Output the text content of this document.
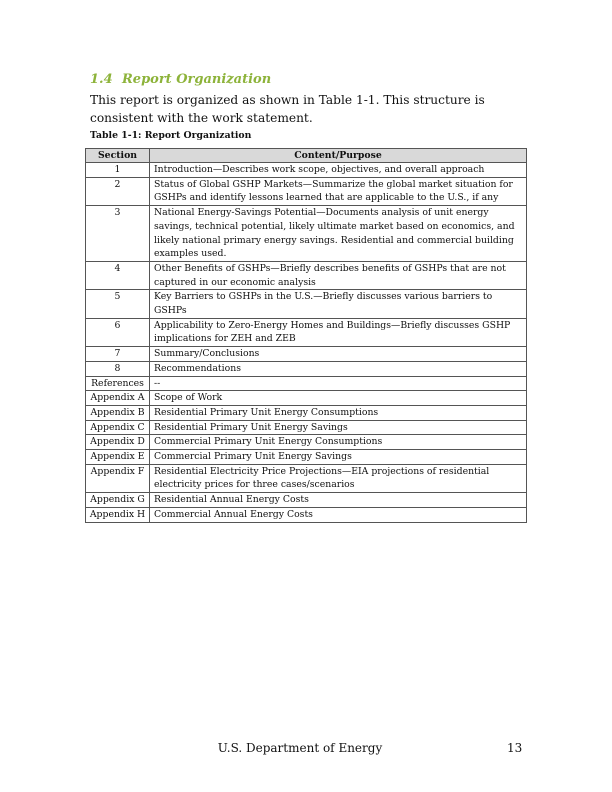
1.4 Report Organization
This report is organized as shown in Table 1-1. This structure is consistent with the work statement.
Table 1-1: Report Organization
Section	Content/Purpose
1	Introduction—Describes work scope, objectives, and overall approach
2	Status of Global GSHP Markets—Summarize the global market situation for GSHPs and identify lessons learned that are applicable to the U.S., if any
3	National Energy-Savings Potential—Documents analysis of unit energy savings, technical potential, likely ultimate market based on economics, and likely national primary energy savings. Residential and commercial building examples used.
4	Other Benefits of GSHPs—Briefly describes benefits of GSHPs that are not captured in our economic analysis
5	Key Barriers to GSHPs in the U.S.—Briefly discusses various barriers to GSHPs
6	Applicability to Zero-Energy Homes and Buildings—Briefly discusses GSHP implications for ZEH and ZEB
7	Summary/Conclusions
8	Recommendations
References	--
Appendix A	Scope of Work
Appendix B	Residential Primary Unit Energy Consumptions
Appendix C	Residential Primary Unit Energy Savings
Appendix D	Commercial Primary Unit Energy Consumptions
Appendix E	Commercial Primary Unit Energy Savings
Appendix F	Residential Electricity Price Projections—EIA projections of residential electricity prices for three cases/scenarios
Appendix G	Residential Annual Energy Costs
Appendix H	Commercial Annual Energy Costs
U.S. Department of Energy	13
